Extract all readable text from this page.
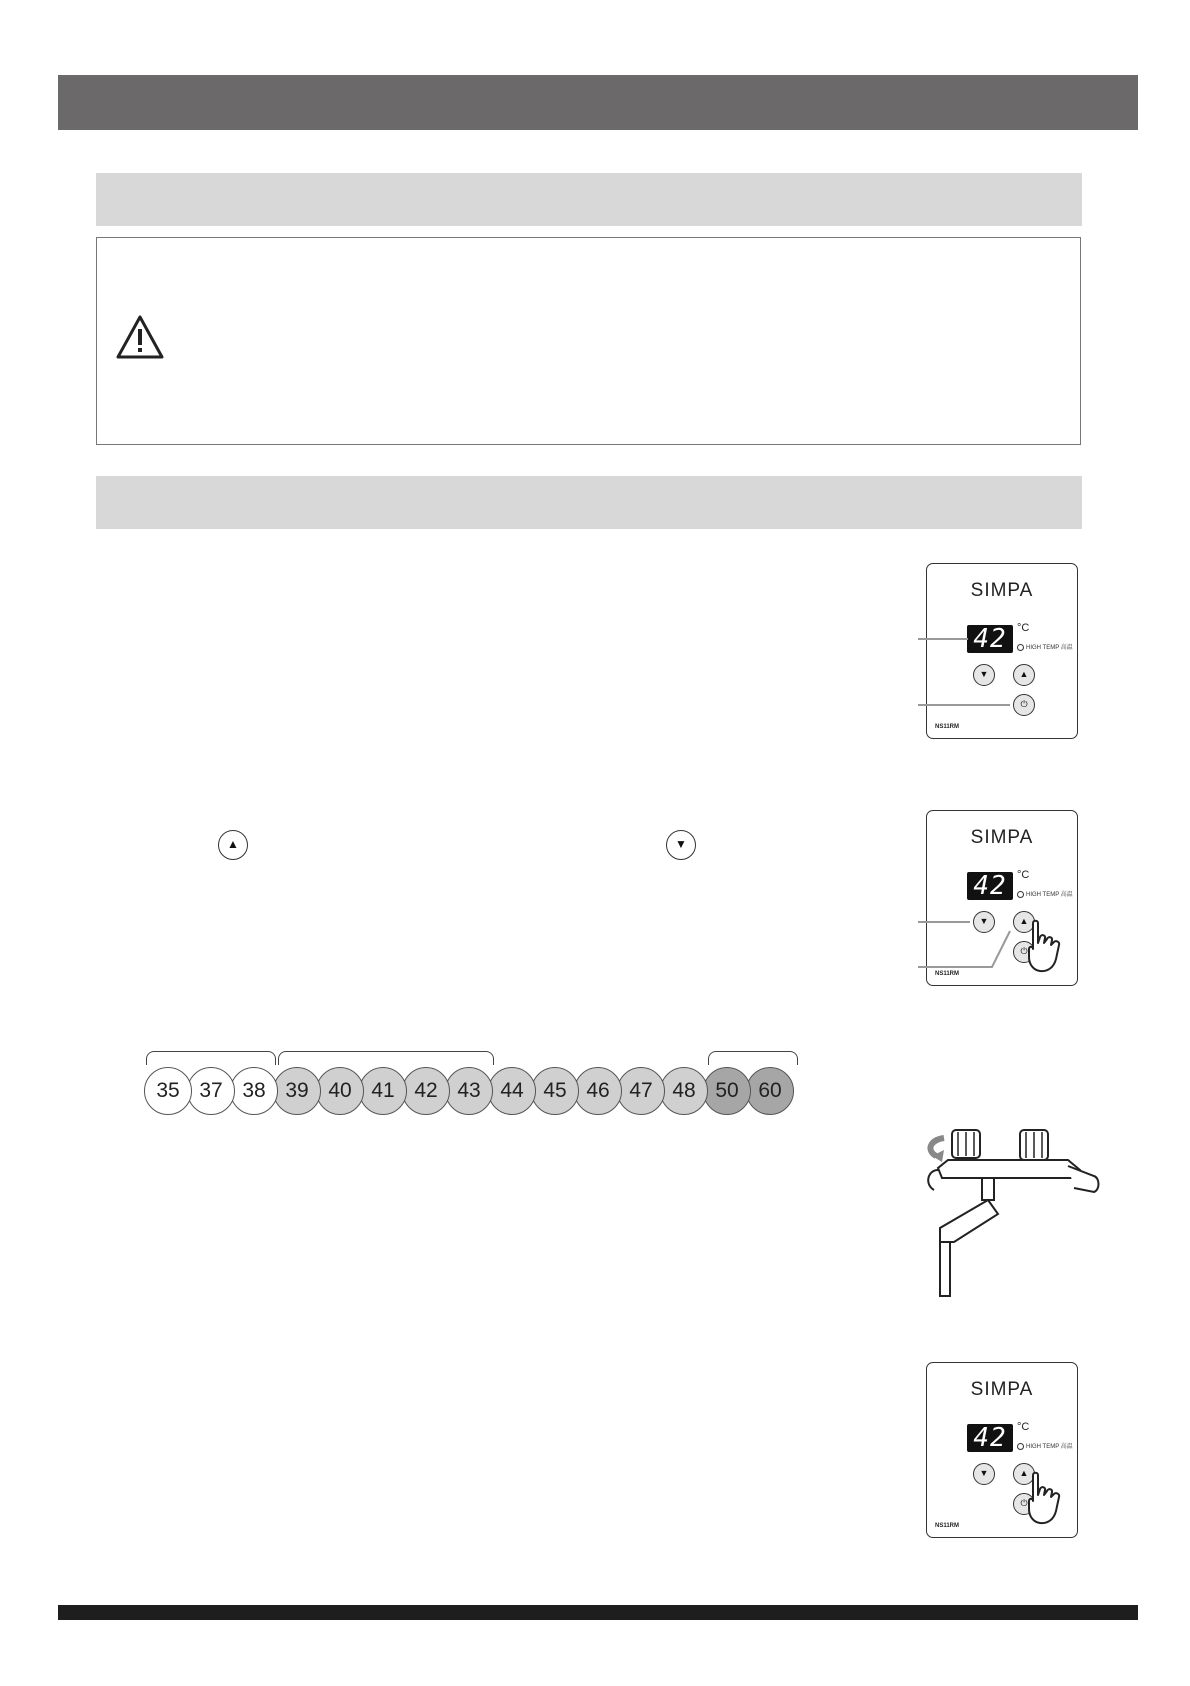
SIMPA
42 °C
HIGH TEMP 高温
▼	▲
⏻
NS11RM
▲	▼	SIMPA
42 °C
HIGH TEMP 高温
▼	▲
⏻
NS11RM
35 37 38 39 40 41 42 43 44 45 46 47 48 50 60
SIMPA
42 °C
HIGH TEMP 高温
▼	▲
⏻
NS11RM
